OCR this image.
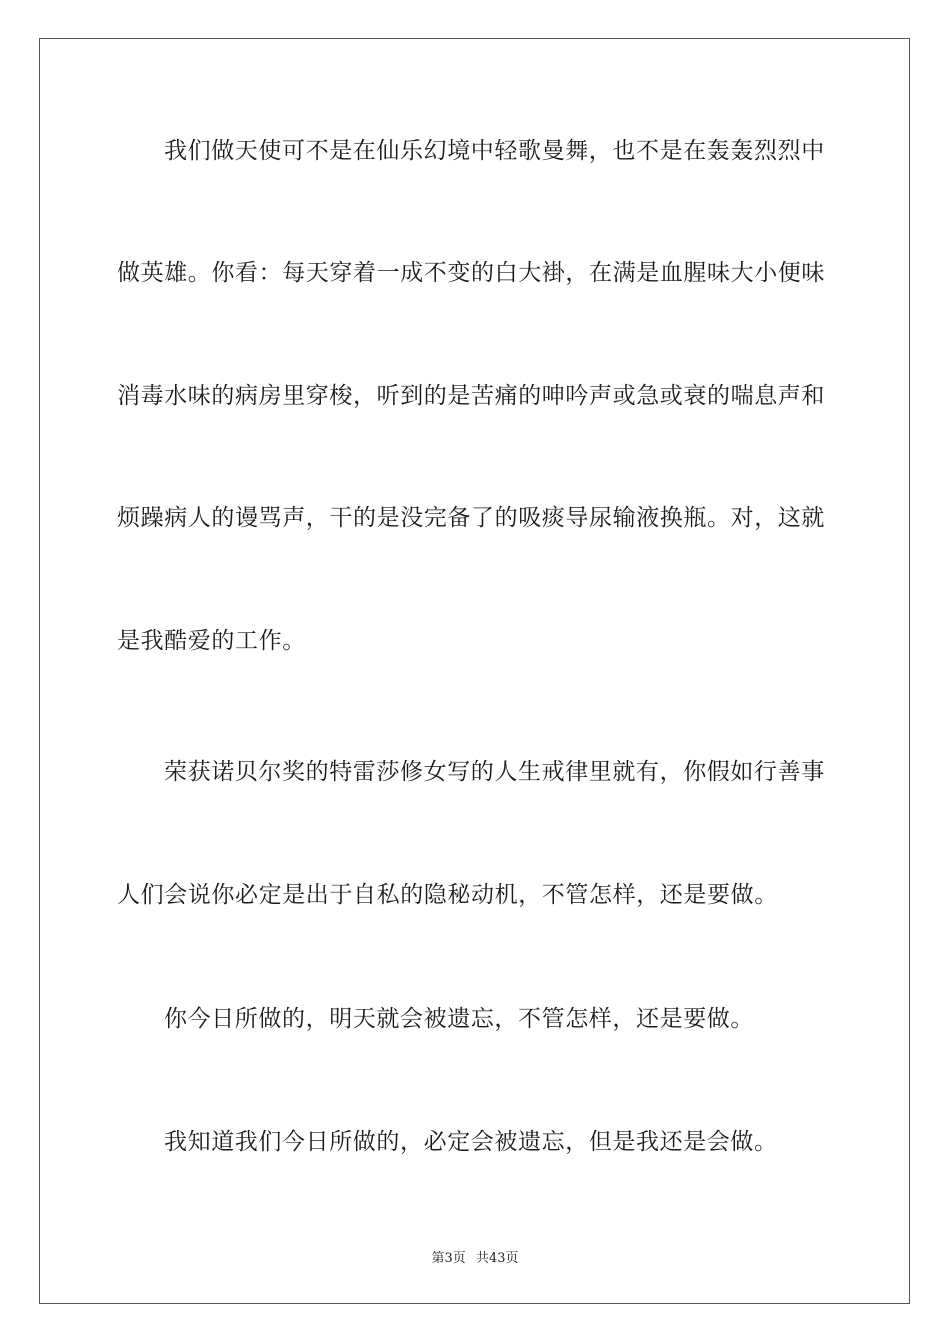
我们做天使可不是在仙乐幻境中轻歌曼舞，也不是在轰轰烈烈中
做英雄。你看：每天穿着一成不变的白大褂，在满是血腥味大小便味
消毒水味的病房里穿梭，听到的是苦痛的呻吟声或急或衰的喘息声和
烦躁病人的谩骂声，干的是没完备了的吸痰导尿输液换瓶。对，这就
是我酷爱的工作。
荣获诺贝尔奖的特雷莎修女写的人生戒律里就有，你假如行善事
人们会说你必定是出于自私的隐秘动机，不管怎样，还是要做。
你今日所做的，明天就会被遗忘，不管怎样，还是要做。
我知道我们今日所做的，必定会被遗忘，但是我还是会做。
第3页 共43页
